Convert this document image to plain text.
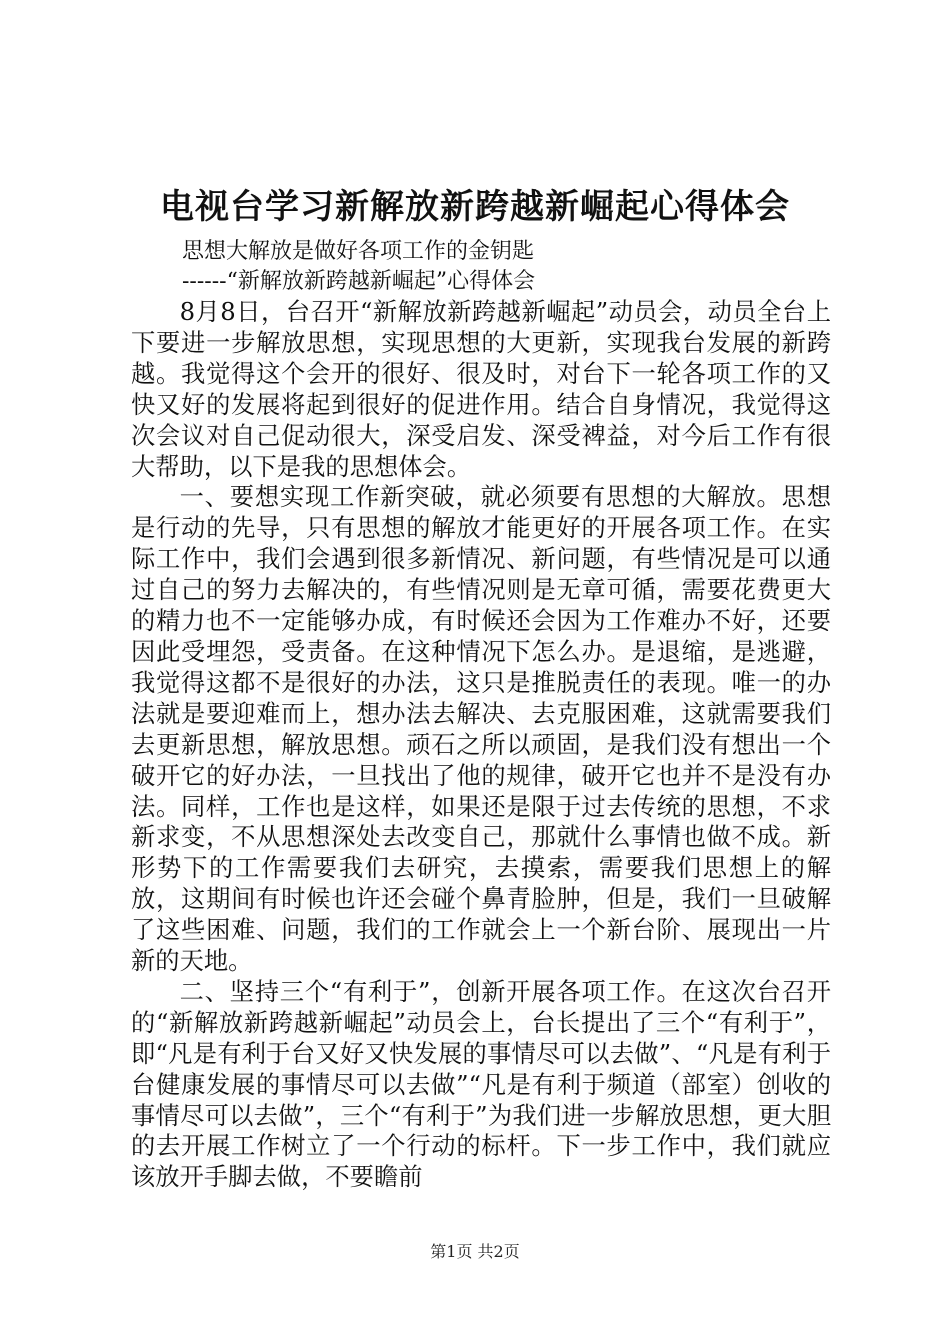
电视台学习新解放新跨越新崛起心得体会
思想大解放是做好各项工作的金钥匙
------“新解放新跨越新崛起”心得体会

8月8日，台召开“新解放新跨越新崛起”动员会，动员全台上下要进一步解放思想，实现思想的大更新，实现我台发展的新跨越。我觉得这个会开的很好、很及时，对台下一轮各项工作的又快又好的发展将起到很好的促进作用。结合自身情况，我觉得这次会议对自己促动很大，深受启发、深受裨益，对今后工作有很大帮助，以下是我的思想体会。

一、要想实现工作新突破，就必须要有思想的大解放。思想是行动的先导，只有思想的解放才能更好的开展各项工作。在实际工作中，我们会遇到很多新情况、新问题，有些情况是可以通过自己的努力去解决的，有些情况则是无章可循，需要花费更大的精力也不一定能够办成，有时候还会因为工作难办不好，还要因此受埋怨，受责备。在这种情况下怎么办。是退缩，是逃避，我觉得这都不是很好的办法，这只是推脱责任的表现。唯一的办法就是要迎难而上，想办法去解决、去克服困难，这就需要我们去更新思想，解放思想。顽石之所以顽固，是我们没有想出一个破开它的好办法，一旦找出了他的规律，破开它也并不是没有办法。同样，工作也是这样，如果还是限于过去传统的思想，不求新求变，不从思想深处去改变自己，那就什么事情也做不成。新形势下的工作需要我们去研究，去摸索，需要我们思想上的解放，这期间有时候也许还会碰个鼻青脸肿，但是，我们一旦破解了这些困难、问题，我们的工作就会上一个新台阶、展现出一片新的天地。

二、坚持三个“有利于”，创新开展各项工作。在这次台召开的“新解放新跨越新崛起”动员会上，台长提出了三个“有利于”，即“凡是有利于台又好又快发展的事情尽可以去做”、“凡是有利于台健康发展的事情尽可以去做”“凡是有利于频道（部室）创收的事情尽可以去做”，三个“有利于”为我们进一步解放思想，更大胆的去开展工作树立了一个行动的标杆。下一步工作中，我们就应该放开手脚去做，不要瞻前

第1页 共2页
